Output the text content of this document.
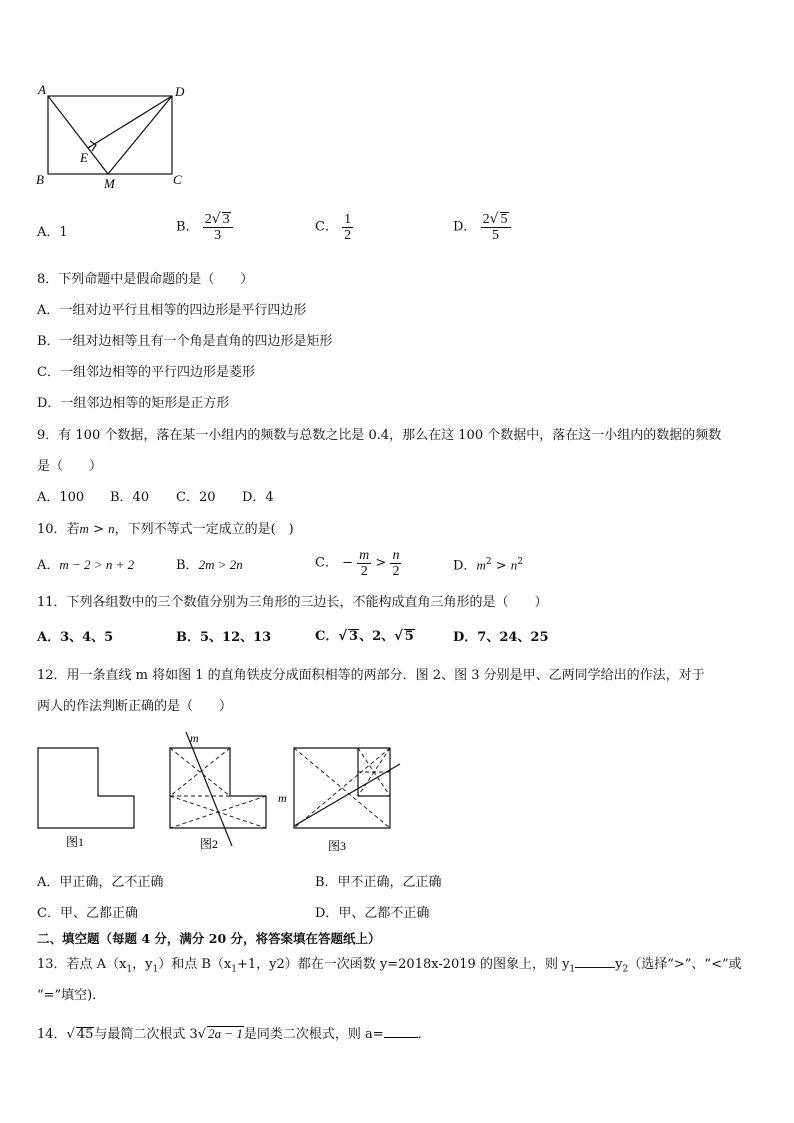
A	D
E
B	M	C
A．1	B． $\frac{2√ 3}{3}$	C． $\frac{1}{2}$	D． $\frac{2√ 5}{5}$
8．下列命题中是假命题的是（　　）
A．一组对边平行且相等的四边形是平行四边形
B．一组对边相等且有一个角是直角的四边形是矩形
C．一组邻边相等的平行四边形是菱形
D．一组邻边相等的矩形是正方形
9．有 100 个数据，落在某一小组内的频数与总数之比是 0.4，那么在这 100 个数据中，落在这一小组内的数据的频数
是（　　）
A．100 B．40 C．20 D．4
10．若m > n，下列不等式一定成立的是(　)
A．m − 2 > n + 2	B．2m > 2n	C． − $\frac{m}{2} > \frac{n}{2}$	D．$m^2 > n^2$
11．下列各组数中的三个数值分别为三角形的三边长，不能构成直角三角形的是（　　）
A．3、4、5	B．5、12、13	C．√ 3、2、√ 5	D．7、24、25
12．用一条直线 m 将如图 1 的直角铁皮分成面积相等的两部分．图 2、图 3 分别是甲、乙两同学给出的作法，对于
两人的作法判断正确的是（　　）
m
m
图1	图2	图3
A．甲正确，乙不正确	B．甲不正确，乙正确
C．甲、乙都正确	D．甲、乙都不正确
二、填空题（每题 4 分，满分 20 分，将答案填在答题纸上）
13．若点 $A(x_1$，$y_1$）和点 $B(x_1+1$，y2）都在一次函数 y=2018x-2019 的图象上，则 $y_1$	$y_2$（选择“>”、“<”或
“=”填空)．
14．√ 45与最简二次根式 3√ 2a − 1是同类二次根式，则 a=	．
